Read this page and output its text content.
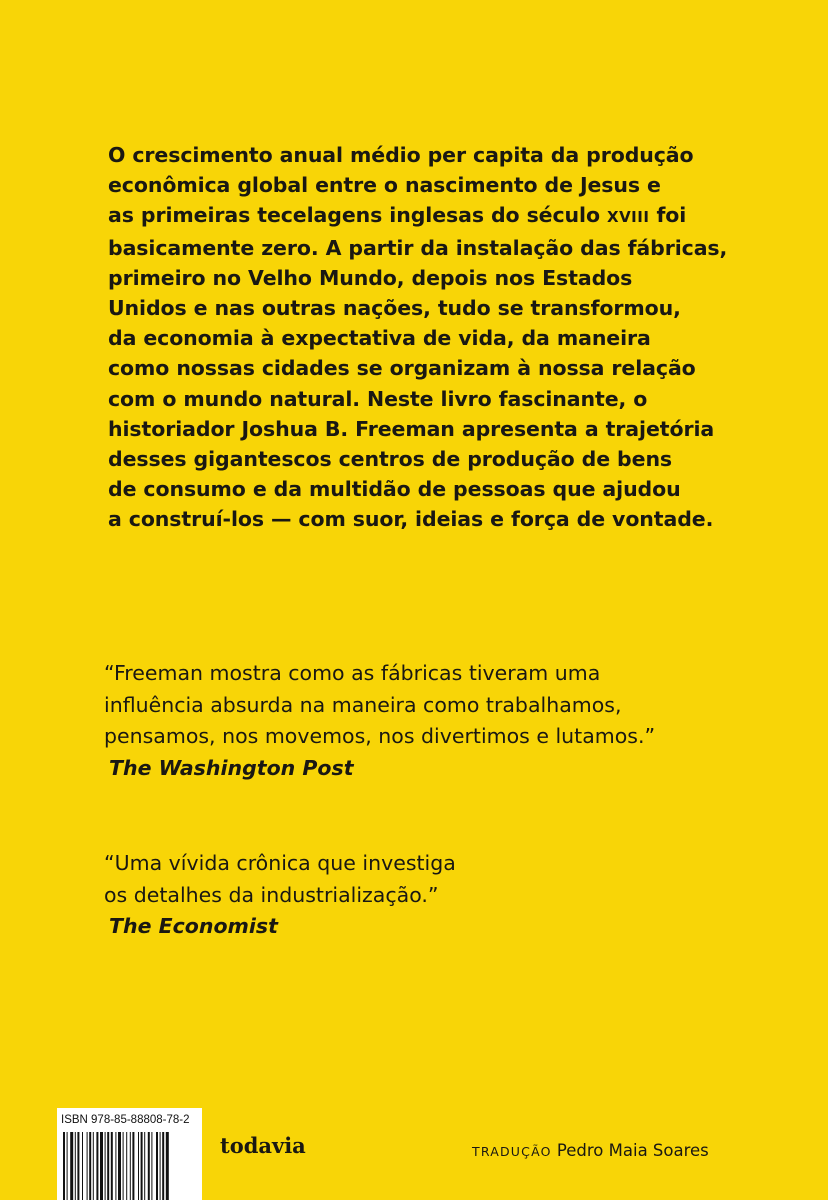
O crescimento anual médio per capita da produção
econômica global entre o nascimento de Jesus e
as primeiras tecelagens inglesas do século XVIII foi
basicamente zero. A partir da instalação das fábricas,
primeiro no Velho Mundo, depois nos Estados
Unidos e nas outras nações, tudo se transformou,
da economia à expectativa de vida, da maneira
como nossas cidades se organizam à nossa relação
com o mundo natural. Neste livro fascinante, o
historiador Joshua B. Freeman apresenta a trajetória
desses gigantescos centros de produção de bens
de consumo e da multidão de pessoas que ajudou
a construí-los — com suor, ideias e força de vontade.
“Freeman mostra como as fábricas tiveram uma
influência absurda na maneira como trabalhamos,
pensamos, nos movemos, nos divertimos e lutamos.”
The Washington Post
“Uma vívida crônica que investiga
os detalhes da industrialização.”
The Economist
ISBN 978-85-88808-78-2
todavia	TRADUÇÃO Pedro Maia Soares
